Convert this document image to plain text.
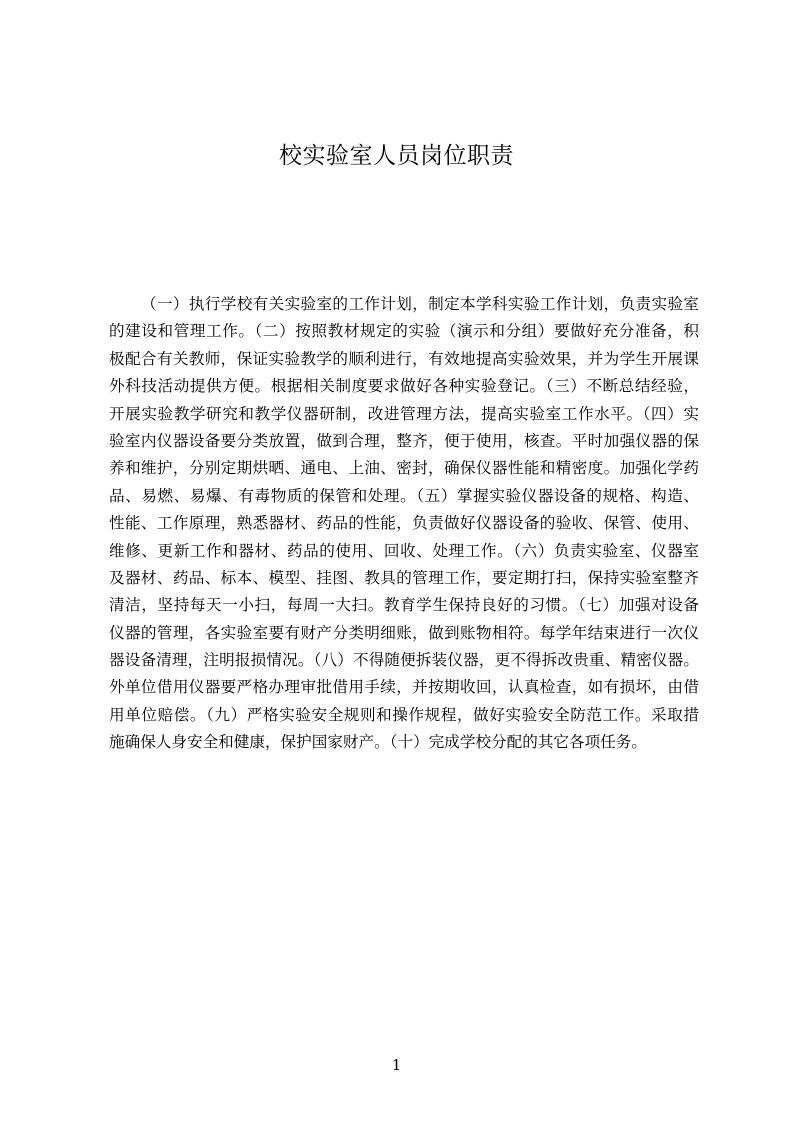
校实验室人员岗位职责
（一）执行学校有关实验室的工作计划，制定本学科实验工作计划，负责实验室
的建设和管理工作。（二）按照教材规定的实验（演示和分组）要做好充分准备，积
极配合有关教师，保证实验教学的顺利进行，有效地提高实验效果，并为学生开展课
外科技活动提供方便。根据相关制度要求做好各种实验登记。（三）不断总结经验，
开展实验教学研究和教学仪器研制，改进管理方法，提高实验室工作水平。（四）实
验室内仪器设备要分类放置，做到合理，整齐，便于使用，核查。平时加强仪器的保
养和维护，分别定期烘晒、通电、上油、密封，确保仪器性能和精密度。加强化学药
品、易燃、易爆、有毒物质的保管和处理。（五）掌握实验仪器设备的规格、构造、
性能、工作原理，熟悉器材、药品的性能，负责做好仪器设备的验收、保管、使用、
维修、更新工作和器材、药品的使用、回收、处理工作。（六）负责实验室、仪器室
及器材、药品、标本、模型、挂图、教具的管理工作，要定期打扫，保持实验室整齐
清洁，坚持每天一小扫，每周一大扫。教育学生保持良好的习惯。（七）加强对设备
仪器的管理，各实验室要有财产分类明细账，做到账物相符。每学年结束进行一次仪
器设备清理，注明报损情况。（八）不得随便拆装仪器，更不得拆改贵重、精密仪器。
外单位借用仪器要严格办理审批借用手续，并按期收回，认真检查，如有损坏，由借
用单位赔偿。（九）严格实验安全规则和操作规程，做好实验安全防范工作。采取措
施确保人身安全和健康，保护国家财产。（十）完成学校分配的其它各项任务。
1
